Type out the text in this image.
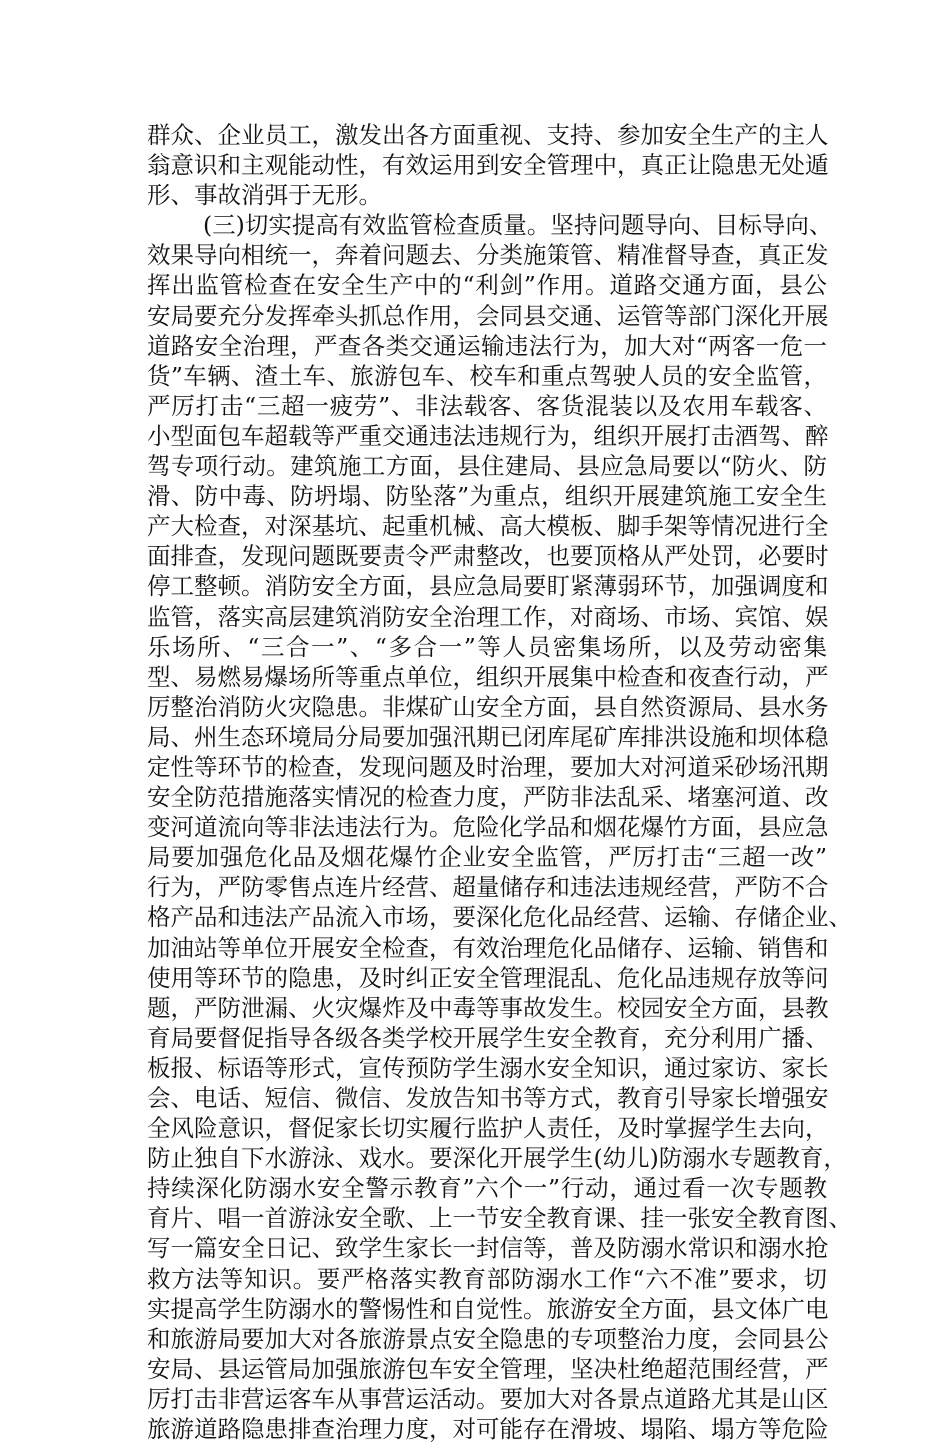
群众、企业员工，激发出各方面重视、支持、参加安全生产的主人
翁意识和主观能动性，有效运用到安全管理中，真正让隐患无处遁
形、事故消弭于无形。
(三)切实提高有效监管检查质量。坚持问题导向、目标导向、
效果导向相统一，奔着问题去、分类施策管、精准督导查，真正发
挥出监管检查在安全生产中的“利剑”作用。道路交通方面，县公
安局要充分发挥牵头抓总作用，会同县交通、运管等部门深化开展
道路安全治理，严查各类交通运输违法行为，加大对“两客一危一
货”车辆、渣土车、旅游包车、校车和重点驾驶人员的安全监管，
严厉打击“三超一疲劳”、非法载客、客货混装以及农用车载客、
小型面包车超载等严重交通违法违规行为，组织开展打击酒驾、醉
驾专项行动。建筑施工方面，县住建局、县应急局要以“防火、防
滑、防中毒、防坍塌、防坠落”为重点，组织开展建筑施工安全生
产大检查，对深基坑、起重机械、高大模板、脚手架等情况进行全
面排查，发现问题既要责令严肃整改，也要顶格从严处罚，必要时
停工整顿。消防安全方面，县应急局要盯紧薄弱环节，加强调度和
监管，落实高层建筑消防安全治理工作，对商场、市场、宾馆、娱
乐场所、“三合一”、“多合一”等人员密集场所，以及劳动密集
型、易燃易爆场所等重点单位，组织开展集中检查和夜查行动，严
厉整治消防火灾隐患。非煤矿山安全方面，县自然资源局、县水务
局、州生态环境局分局要加强汛期已闭库尾矿库排洪设施和坝体稳
定性等环节的检查，发现问题及时治理，要加大对河道采砂场汛期
安全防范措施落实情况的检查力度，严防非法乱采、堵塞河道、改
变河道流向等非法违法行为。危险化学品和烟花爆竹方面，县应急
局要加强危化品及烟花爆竹企业安全监管，严厉打击“三超一改”
行为，严防零售点连片经营、超量储存和违法违规经营，严防不合
格产品和违法产品流入市场，要深化危化品经营、运输、存储企业、
加油站等单位开展安全检查，有效治理危化品储存、运输、销售和
使用等环节的隐患，及时纠正安全管理混乱、危化品违规存放等问
题，严防泄漏、火灾爆炸及中毒等事故发生。校园安全方面，县教
育局要督促指导各级各类学校开展学生安全教育，充分利用广播、
板报、标语等形式，宣传预防学生溺水安全知识，通过家访、家长
会、电话、短信、微信、发放告知书等方式，教育引导家长增强安
全风险意识，督促家长切实履行监护人责任，及时掌握学生去向，
防止独自下水游泳、戏水。要深化开展学生(幼儿)防溺水专题教育，
持续深化防溺水安全警示教育”六个一”行动，通过看一次专题教
育片、唱一首游泳安全歌、上一节安全教育课、挂一张安全教育图、
写一篇安全日记、致学生家长一封信等，普及防溺水常识和溺水抢
救方法等知识。要严格落实教育部防溺水工作“六不准”要求，切
实提高学生防溺水的警惕性和自觉性。旅游安全方面，县文体广电
和旅游局要加大对各旅游景点安全隐患的专项整治力度，会同县公
安局、县运管局加强旅游包车安全管理，坚决杜绝超范围经营，严
厉打击非营运客车从事营运活动。要加大对各景点道路尤其是山区
旅游道路隐患排查治理力度，对可能存在滑坡、塌陷、塌方等危险
